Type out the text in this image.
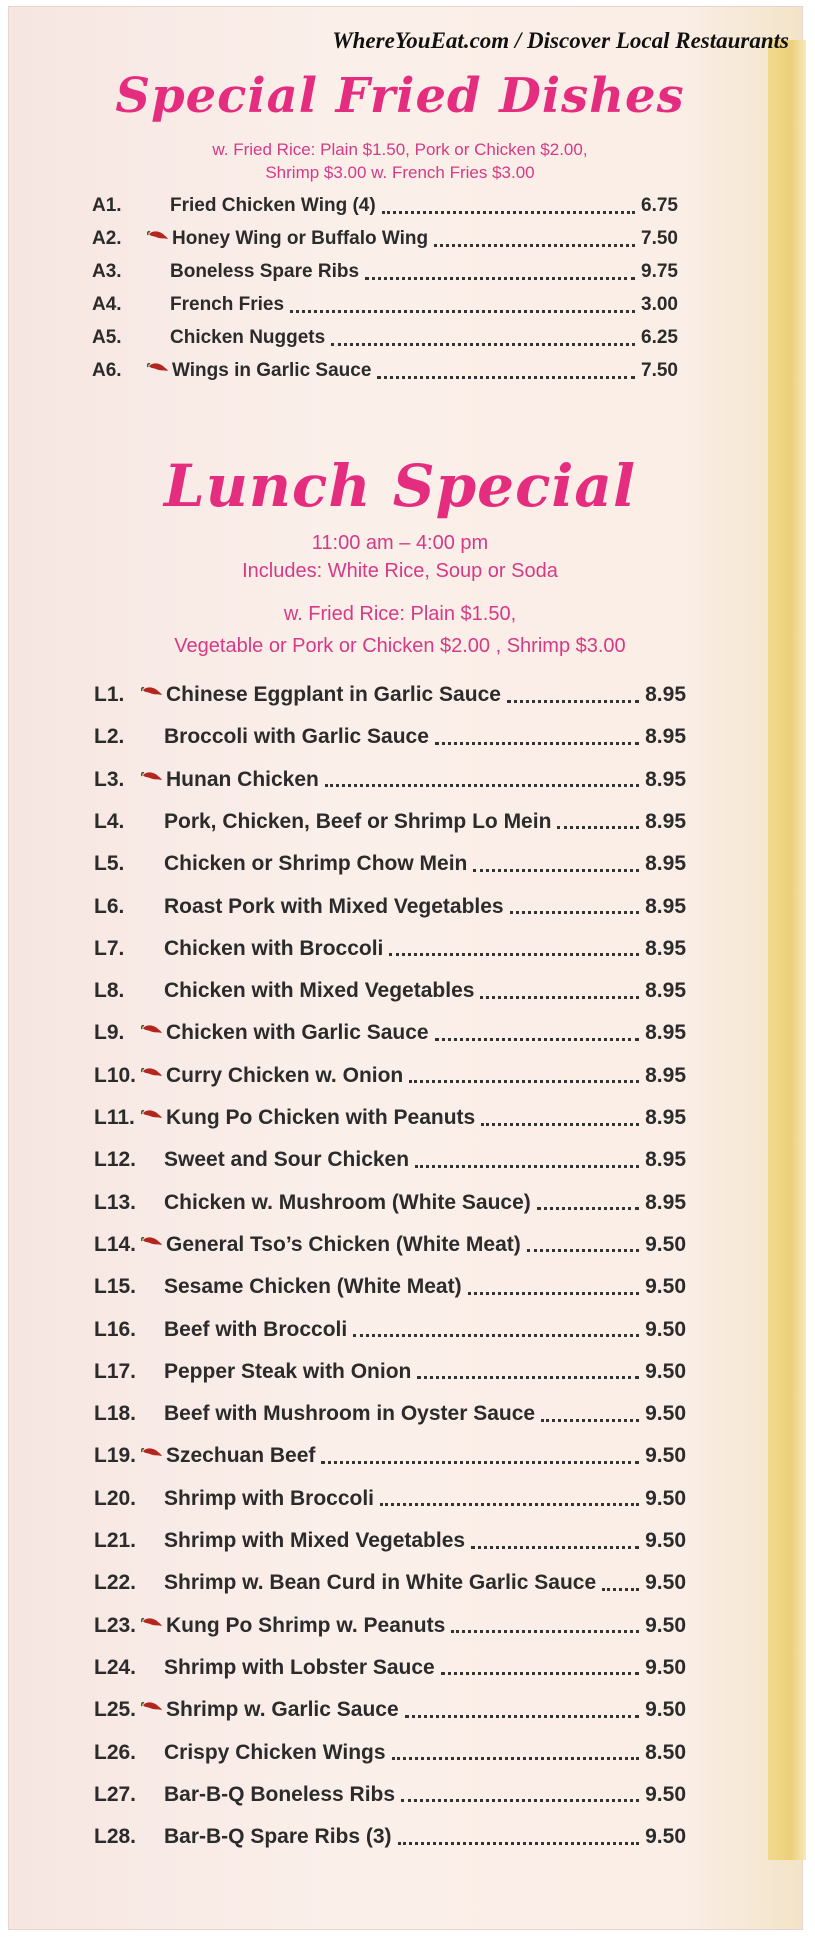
WhereYouEat.com / Discover Local Restaurants
Special Fried Dishes
w. Fried Rice: Plain $1.50, Pork or Chicken $2.00,
Shrimp $3.00 w. French Fries $3.00
A1.	Fried Chicken Wing (4)	6.75
A2.	Honey Wing or Buffalo Wing	7.50
A3.	Boneless Spare Ribs	9.75
A4.	French Fries	3.00
A5.	Chicken Nuggets	6.25
A6.	Wings in Garlic Sauce	7.50
Lunch Special
11:00 am – 4:00 pm
Includes: White Rice, Soup or Soda
w. Fried Rice: Plain $1.50,
Vegetable or Pork or Chicken $2.00 , Shrimp $3.00
L1.	Chinese Eggplant in Garlic Sauce	8.95
L2.	Broccoli with Garlic Sauce	8.95
L3.	Hunan Chicken	8.95
L4.	Pork, Chicken, Beef or Shrimp Lo Mein	8.95
L5.	Chicken or Shrimp Chow Mein	8.95
L6.	Roast Pork with Mixed Vegetables	8.95
L7.	Chicken with Broccoli	8.95
L8.	Chicken with Mixed Vegetables	8.95
L9.	Chicken with Garlic Sauce	8.95
L10. Curry Chicken w. Onion	8.95
L11. Kung Po Chicken with Peanuts	8.95
L12.	Sweet and Sour Chicken	8.95
L13.	Chicken w. Mushroom (White Sauce)	8.95
L14. General Tso’s Chicken (White Meat)	9.50
L15.	Sesame Chicken (White Meat)	9.50
L16.	Beef with Broccoli	9.50
L17.	Pepper Steak with Onion	9.50
L18.	Beef with Mushroom in Oyster Sauce	9.50
L19. Szechuan Beef	9.50
L20.	Shrimp with Broccoli	9.50
L21.	Shrimp with Mixed Vegetables	9.50
L22.	Shrimp w. Bean Curd in White Garlic Sauce 9.50
L23. Kung Po Shrimp w. Peanuts	9.50
L24.	Shrimp with Lobster Sauce	9.50
L25. Shrimp w. Garlic Sauce	9.50
L26.	Crispy Chicken Wings	8.50
L27.	Bar-B-Q Boneless Ribs	9.50
L28.	Bar-B-Q Spare Ribs (3)	9.50
